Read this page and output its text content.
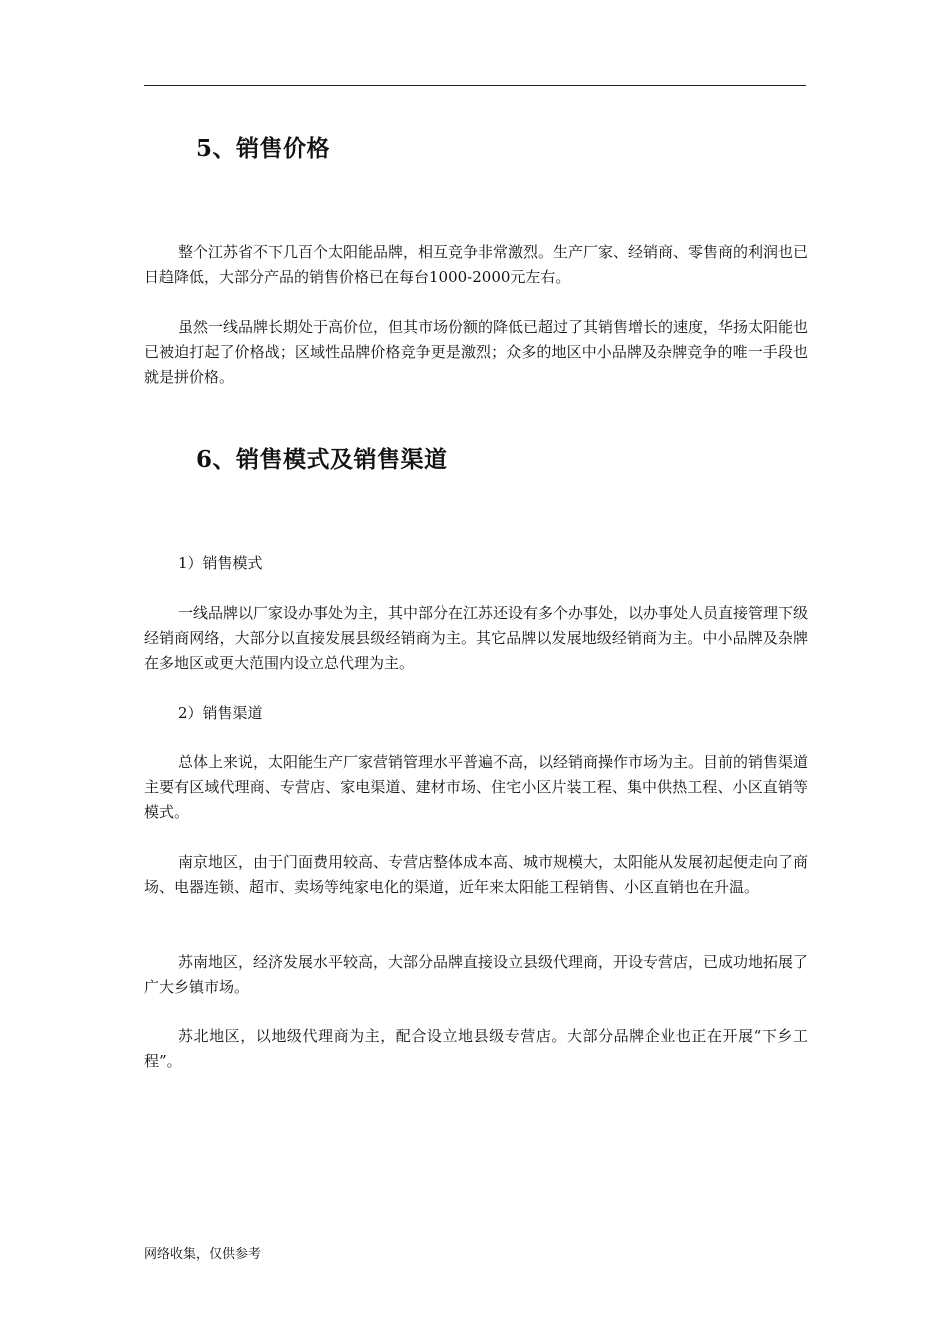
5、销售价格

整个江苏省不下几百个太阳能品牌，相互竞争非常激烈。生产厂家、经销商、零售商的利润也已日趋降低，大部分产品的销售价格已在每台1000-2000元左右。

虽然一线品牌长期处于高价位，但其市场份额的降低已超过了其销售增长的速度，华扬太阳能也已被迫打起了价格战；区域性品牌价格竞争更是激烈；众多的地区中小品牌及杂牌竞争的唯一手段也就是拼价格。

6、销售模式及销售渠道
1）销售模式

一线品牌以厂家设办事处为主，其中部分在江苏还设有多个办事处，以办事处人员直接管理下级经销商网络，大部分以直接发展县级经销商为主。其它品牌以发展地级经销商为主。中小品牌及杂牌在多地区或更大范围内设立总代理为主。

2）销售渠道

总体上来说，太阳能生产厂家营销管理水平普遍不高，以经销商操作市场为主。目前的销售渠道主要有区域代理商、专营店、家电渠道、建材市场、住宅小区片装工程、集中供热工程、小区直销等模式。

南京地区，由于门面费用较高、专营店整体成本高、城市规模大，太阳能从发展初起便走向了商场、电器连锁、超市、卖场等纯家电化的渠道，近年来太阳能工程销售、小区直销也在升温。

苏南地区，经济发展水平较高，大部分品牌直接设立县级代理商，开设专营店，已成功地拓展了广大乡镇市场。

苏北地区，以地级代理商为主，配合设立地县级专营店。大部分品牌企业也正在开展“下乡工程”。

网络收集，仅供参考
